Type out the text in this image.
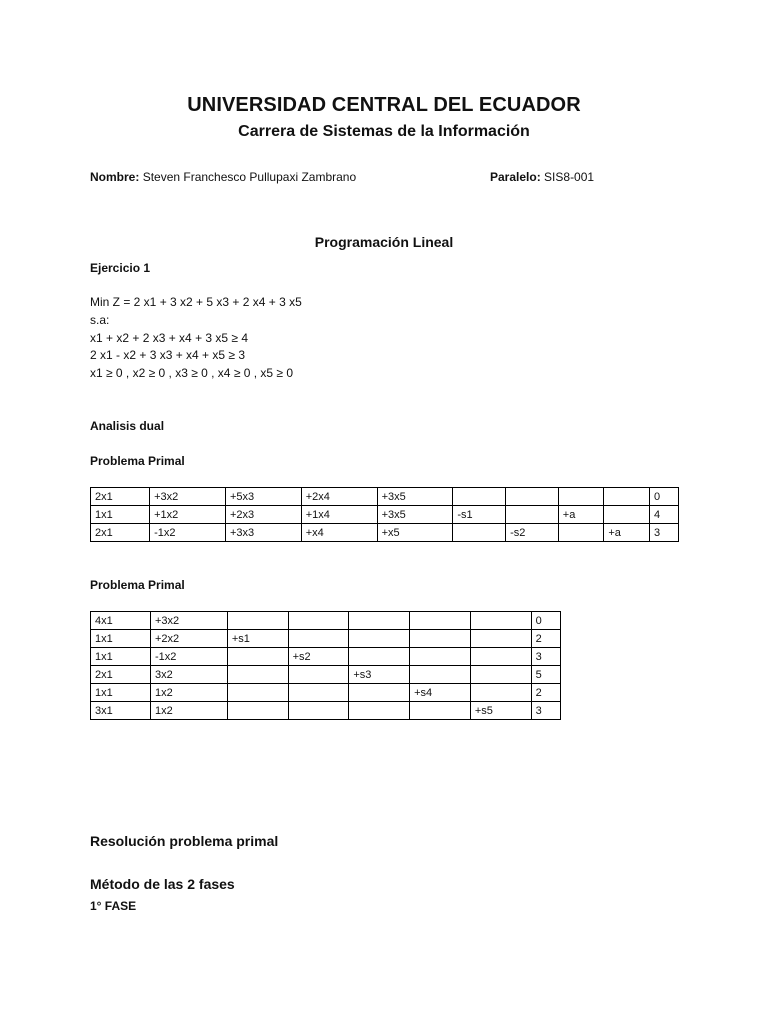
UNIVERSIDAD CENTRAL DEL ECUADOR
Carrera de Sistemas de la Información
Nombre: Steven Franchesco Pullupaxi Zambrano	Paralelo: SIS8-001
Programación Lineal
Ejercicio 1
Min Z = 2 x1 + 3 x2 + 5 x3 + 2 x4 + 3 x5
s.a:
x1 + x2 + 2 x3 + x4 + 3 x5 ≥ 4
2 x1 - x2 + 3 x3 + x4 + x5 ≥ 3
x1 ≥ 0 , x2 ≥ 0 , x3 ≥ 0 , x4 ≥ 0 , x5 ≥ 0
Analisis dual
Problema Primal
2x1	+3x2	+5x3	+2x4	+3x5					0
1x1	+1x2	+2x3	+1x4	+3x5	-s1		+a		4
2x1	-1x2	+3x3	+x4	+x5		-s2		+a	3
Problema Primal
4x1	+3x2						0
1x1	+2x2	+s1					2
1x1	-1x2		+s2				3
2x1	3x2			+s3			5
1x1	1x2				+s4		2
3x1	1x2					+s5	3
Resolución problema primal
Método de las 2 fases
1° FASE
